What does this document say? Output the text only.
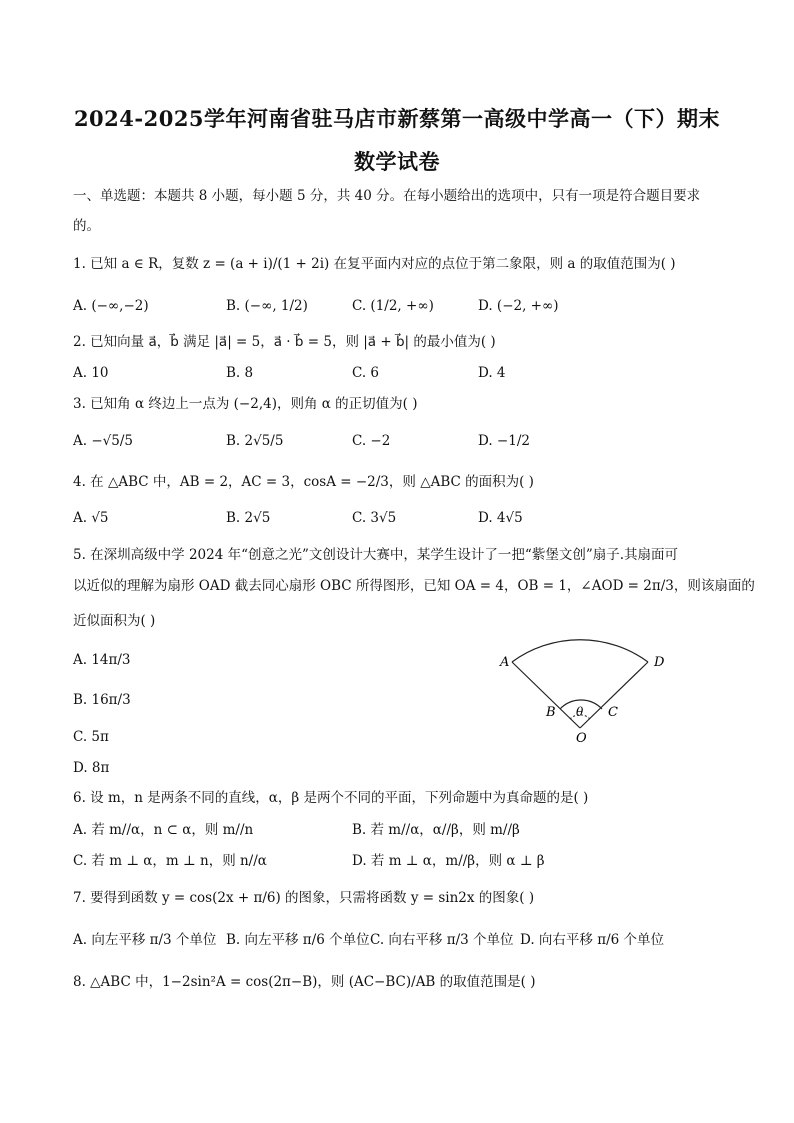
2024-2025学年河南省驻马店市新蔡第一高级中学高一（下）期末
数学试卷
一、单选题：本题共 8 小题，每小题 5 分，共 40 分。在每小题给出的选项中，只有一项是符合题目要求
的。
1. 已知 a ∈ R，复数 z = (a + i)/(1 + 2i) 在复平面内对应的点位于第二象限，则 a 的取值范围为( )
A. (−∞,−2)	B. (−∞, 1/2)	C. (1/2, +∞)	D. (−2, +∞)
2. 已知向量 a⃗，b⃗ 满足 |a⃗| = 5，a⃗ · b⃗ = 5，则 |a⃗ + b⃗| 的最小值为( )
A. 10	B. 8	C. 6	D. 4
3. 已知角 α 终边上一点为 (−2,4)，则角 α 的正切值为( )
A. −√5/5	B. 2√5/5	C. −2	D. −1/2
4. 在 △ABC 中，AB = 2，AC = 3，cosA = −2/3，则 △ABC 的面积为( )
A. √5	B. 2√5	C. 3√5	D. 4√5
5. 在深圳高级中学 2024 年“创意之光”文创设计大赛中，某学生设计了一把“紫堡文创”扇子.其扇面可
以近似的理解为扇形 OAD 截去同心扇形 OBC 所得图形，已知 OA = 4，OB = 1，∠AOD = 2π/3，则该扇面的
近似面积为( )
A. 14π/3
B. 16π/3
C. 5π
D. 8π
A	D
B	C
θ
O
6. 设 m，n 是两条不同的直线，α，β 是两个不同的平面，下列命题中为真命题的是( )
A. 若 m//α，n ⊂ α，则 m//n	B. 若 m//α，α//β，则 m//β
C. 若 m ⊥ α，m ⊥ n，则 n//α	D. 若 m ⊥ α，m//β，则 α ⊥ β
7. 要得到函数 y = cos(2x + π/6) 的图象，只需将函数 y = sin2x 的图象( )
A. 向左平移 π/3 个单位 B. 向左平移 π/6 个单位 C. 向右平移 π/3 个单位 D. 向右平移 π/6 个单位
8. △ABC 中，1−2sin²A = cos(2π−B)，则 (AC−BC)/AB 的取值范围是( )
